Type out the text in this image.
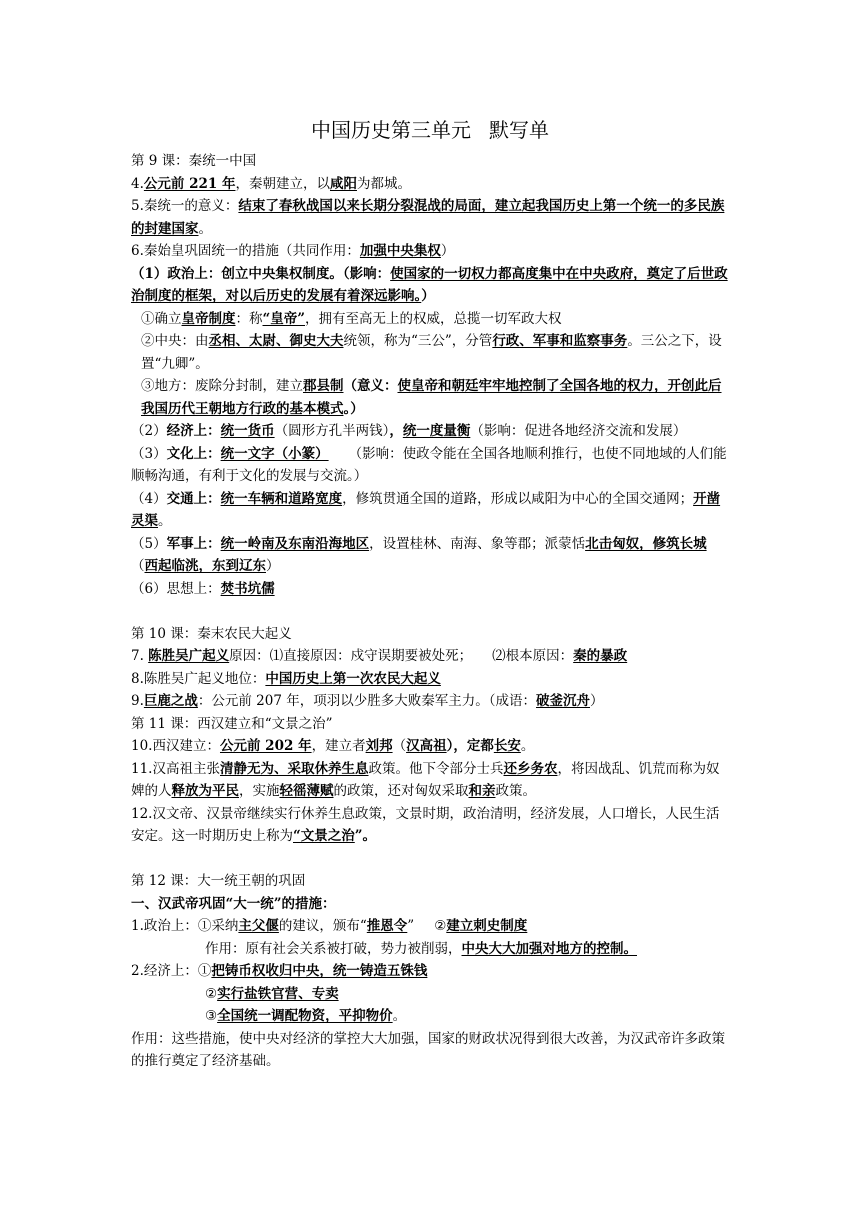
中国历史第三单元 默写单
第 9 课：秦统一中国
4.公元前 221 年，秦朝建立，以咸阳为都城。
5.秦统一的意义：结束了春秋战国以来长期分裂混战的局面，建立起我国历史上第一个统一的多民族的封建国家。
6.秦始皇巩固统一的措施（共同作用：加强中央集权）
（1）政治上：创立中央集权制度。（影响：使国家的一切权力都高度集中在中央政府，奠定了后世政治制度的框架，对以后历史的发展有着深远影响。）
①确立皇帝制度：称“皇帝”，拥有至高无上的权威，总揽一切军政大权
②中央：由丞相、太尉、御史大夫统领，称为“三公”，分管行政、军事和监察事务。三公之下，设置“九卿”。
③地方：废除分封制，建立郡县制（意义：使皇帝和朝廷牢牢地控制了全国各地的权力，开创此后我国历代王朝地方行政的基本模式。）
（2）经济上：统一货币（圆形方孔半两钱），统一度量衡（影响：促进各地经济交流和发展）
（3）文化上：统一文字（小篆） （影响：使政令能在全国各地顺利推行，也使不同地域的人们能顺畅沟通，有利于文化的发展与交流。）
（4）交通上：统一车辆和道路宽度，修筑贯通全国的道路，形成以咸阳为中心的全国交通网；开凿灵渠。
（5）军事上：统一岭南及东南沿海地区，设置桂林、南海、象等郡；派蒙恬北击匈奴，修筑长城（西起临洮，东到辽东）
（6）思想上：焚书坑儒
第 10 课：秦末农民大起义
7. 陈胜吴广起义原因：⑴直接原因：戍守误期要被处死； ⑵根本原因：秦的暴政
8.陈胜吴广起义地位：中国历史上第一次农民大起义
9.巨鹿之战：公元前 207 年，项羽以少胜多大败秦军主力。（成语：破釜沉舟）
第 11 课：西汉建立和“文景之治”
10.西汉建立：公元前 202 年，建立者刘邦（汉高祖），定都长安。
11.汉高祖主张清静无为、采取休养生息政策。他下令部分士兵还乡务农，将因战乱、饥荒而称为奴婢的人释放为平民，实施轻徭薄赋的政策，还对匈奴采取和亲政策。
12.汉文帝、汉景帝继续实行休养生息政策，文景时期，政治清明，经济发展，人口增长，人民生活安定。这一时期历史上称为“文景之治”。
第 12 课：大一统王朝的巩固
一、汉武帝巩固“大一统”的措施：
1.政治上：①采纳主父偃的建议，颁布“推恩令” ②建立刺史制度
作用：原有社会关系被打破，势力被削弱，中央大大加强对地方的控制。
2.经济上：①把铸币权收归中央，统一铸造五铢钱
②实行盐铁官营、专卖
③全国统一调配物资，平抑物价。
作用：这些措施，使中央对经济的掌控大大加强，国家的财政状况得到很大改善，为汉武帝许多政策的推行奠定了经济基础。
